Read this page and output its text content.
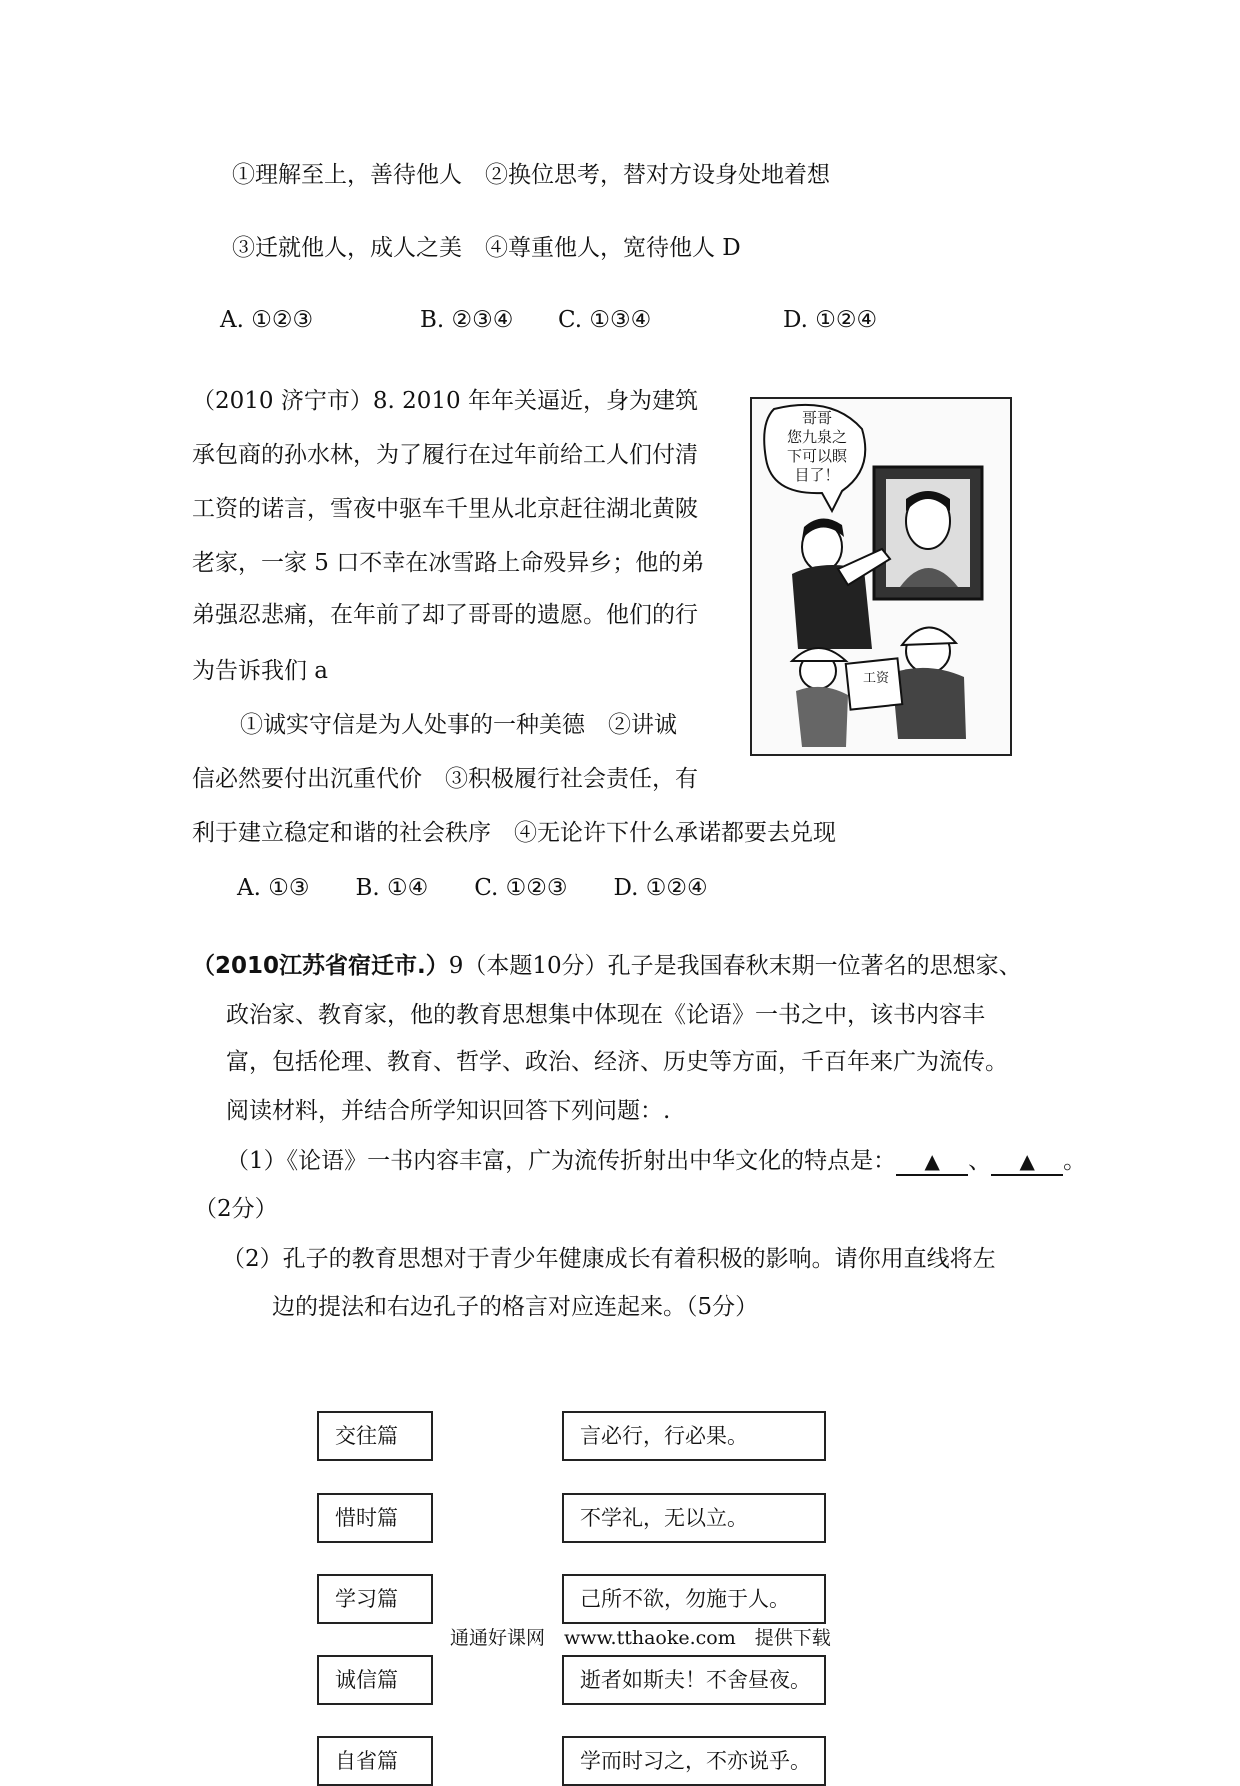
①理解至上，善待他人　②换位思考，替对方设身处地着想
③迁就他人，成人之美　④尊重他人，宽待他人 D
A. ①②③	B. ②③④ C. ①③④	D. ①②④
（2010 济宁市）8. 2010 年年关逼近，身为建筑
承包商的孙水林，为了履行在过年前给工人们付清
工资的诺言，雪夜中驱车千里从北京赶往湖北黄陂
老家，一家 5 口不幸在冰雪路上命殁异乡；他的弟
弟强忍悲痛，在年前了却了哥哥的遗愿。他们的行
为告诉我们 a
①诚实守信是为人处事的一种美德　②讲诚
信必然要付出沉重代价　③积极履行社会责任，有
利于建立稳定和谐的社会秩序　④无论许下什么承诺都要去兑现
A. ①③　　B. ①④　　C. ①②③　　D. ①②④
哥哥
您九泉之
下可以瞑
目了！
工资
（2010江苏省宿迁市.）9（本题10分）孔子是我国春秋末期一位著名的思想家、
政治家、教育家，他的教育思想集中体现在《论语》一书之中，该书内容丰
富，包括伦理、教育、哲学、政治、经济、历史等方面，千百年来广为流传。
阅读材料，并结合所学知识回答下列问题：.
（1）《论语》一书内容丰富，广为流传折射出中华文化的特点是： ▲ 、 ▲ 。
（2分）
（2）孔子的教育思想对于青少年健康成长有着积极的影响。请你用直线将左
边的提法和右边孔子的格言对应连起来。（5分）
交往篇
惜时篇
学习篇
诚信篇
自省篇
言必行，行必果。
不学礼，无以立。
己所不欲，勿施于人。
逝者如斯夫！不舍昼夜。
学而时习之，不亦说乎。
通通好课网　www.tthaoke.com　提供下载
